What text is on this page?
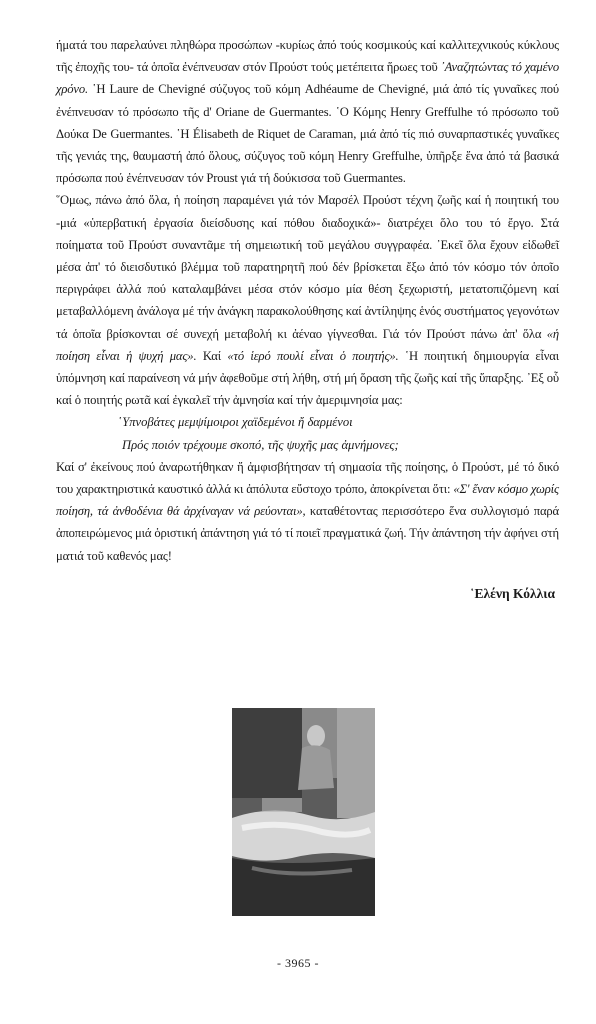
ήματά του παρελαύνει πληθώρα προσώπων -κυρίως ἀπό τούς κοσμικούς καί καλλιτεχνικούς κύκλους τῆς ἐποχῆς του- τά ὁποῖα ἐνέπνευσαν στόν Προύστ τούς μετέπειτα ἥρωες τοῦ ᾿Αναζητώντας τό χαμένο χρόνο. ῾Η Laure de Chevigné σύζυγος τοῦ κόμη Adhéaume de Chevigné, μιά ἀπό τίς γυναῖκες πού ἐνέπνευσαν τό πρόσωπο τῆς d' Oriane de Guermantes. ῾Ο Κόμης Henry Greffulhe τό πρόσωπο τοῦ Δούκα De Guermantes. ῾Η Élisabeth de Riquet de Caraman, μιά ἀπό τίς πιό συναρπαστικές γυναῖκες τῆς γενιάς της, θαυμαστή ἀπό ὅλους, σύζυγος τοῦ κόμη Henry Greffulhe, ὑπῆρξε ἕνα ἀπό τά βασικά πρόσωπα πού ἐνέπνευσαν τόν Proust γιά τή δούκισσα τοῦ Guermantes.

῞Ομως, πάνω ἀπό ὅλα, ἡ ποίηση παραμένει γιά τόν Μαρσέλ Προύστ τέχνη ζωῆς καί ἡ ποιητική του -μιά «ὑπερβατική ἐργασία διείσδυσης καί πόθου διαδοχικά»- διατρέχει ὅλο του τό ἔργο. Στά ποίηματα τοῦ Προύστ συναντᾶμε τή σημειωτική τοῦ μεγάλου συγγραφέα. ᾿Εκεῖ ὅλα ἔχουν εἰδωθεῖ μέσα ἀπ' τό διεισδυτικό βλέμμα τοῦ παρατηρητῆ πού δέν βρίσκεται ἔξω ἀπό τόν κόσμο τόν ὁποῖο περιγράφει ἀλλά πού καταλαμβάνει μέσα στόν κόσμο μία θέση ξεχωριστή, μετατοπιζόμενη καί μεταβαλλόμενη ἀνάλογα μέ τήν ἀνάγκη παρακολούθησης καί ἀντίληψης ἑνός συστήματος γεγονότων τά ὁποῖα βρίσκονται σέ συνεχή μεταβολή κι ἀέναο γίγνεσθαι. Γιά τόν Προύστ πάνω ἀπ' ὅλα «ἡ ποίηση εἶναι ἡ ψυχή μας». Καί «τό ἱερό πουλί εἶναι ὁ ποιητής». ῾Η ποιητική δημιουργία εἶναι ὑπόμνηση καί παραίνεση νά μήν ἀφεθοῦμε στή λήθη, στή μή ὅραση τῆς ζωῆς καί τῆς ὕπαρξης. ᾿Εξ οὗ καί ὁ ποιητής ρωτᾶ καί ἐγκαλεῖ τήν ἀμνησία καί τήν ἀμεριμνησία μας:

῾Υπνοβάτες μεμψίμοιροι χαϊδεμένοι ἤ δαρμένοι

Πρός ποιόν τρέχουμε σκοπό, τῆς ψυχῆς μας ἀμνήμονες;

Καί σ' ἐκείνους πού ἀναρωτήθηκαν ἤ ἀμφισβήτησαν τή σημασία τῆς ποίησης, ὁ Προύστ, μέ τό δικό του χαρακτηριστικά καυστικό ἀλλά κι ἀπόλυτα εὔστοχο τρόπο, ἀποκρίνεται ὅτι: «Σ' ἕναν κόσμο χωρίς ποίηση, τά ἀνθοδένια θά ἀρχίναγαν νά ρεύονται», καταθέτοντας περισσότερο ἕνα συλλογισμό παρά ἀποπειρώμενος μιά ὁριστική ἀπάντηση γιά τό τί ποιεῖ πραγματικά ζωή. Τήν ἀπάντηση τήν ἀφήνει στή ματιά τοῦ καθενός μας!

῾Ελένη Κόλλια
- 3965 -
